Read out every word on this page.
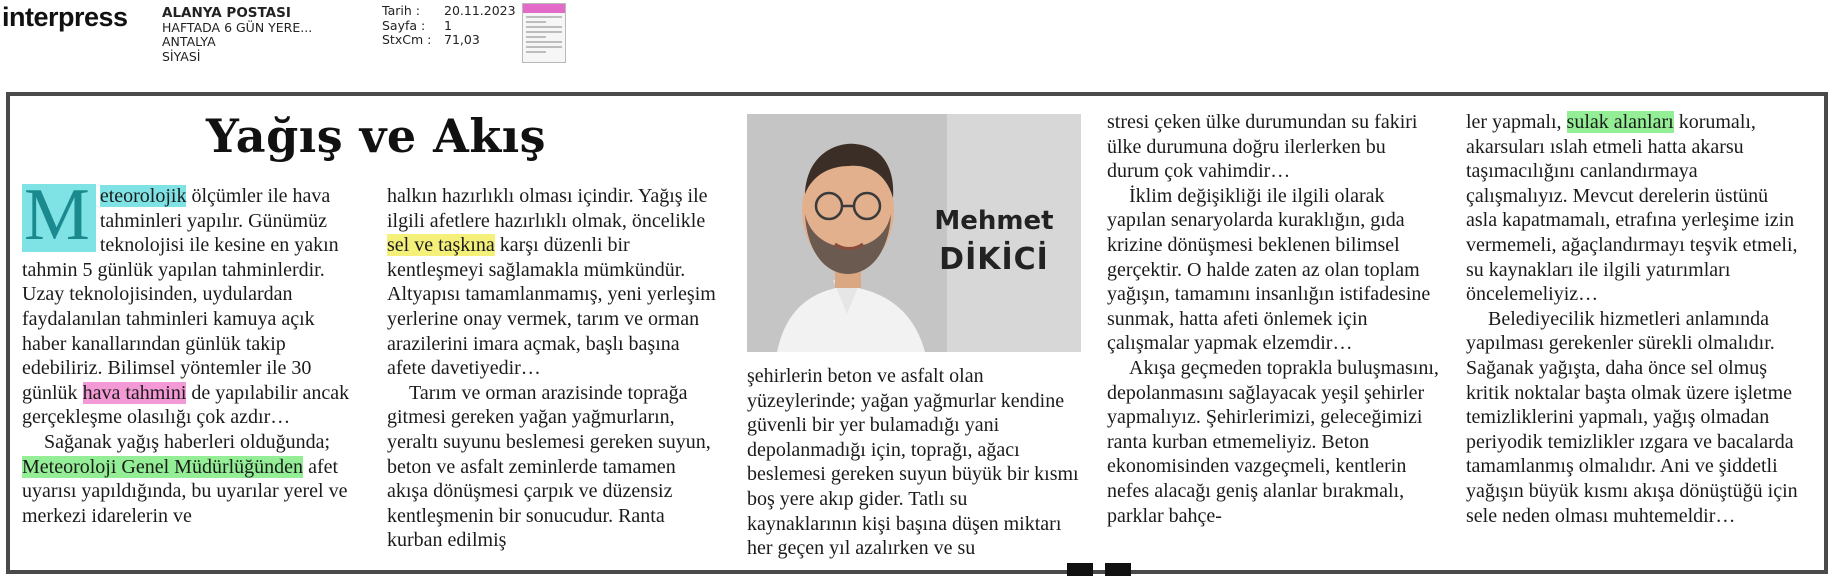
interpress	ALANYA POSTASI
HAFTADA 6 GÜN YERE...
ANTALYA
SİYASİ
Tarih :	20.11.2023
Sayfa :	1
StxCm :	71,03
Yağış ve Akış

M eteorolojik ölçümler ile hava tahminleri yapılır. Günümüz teknolojisi ile kesine en yakın tahmin 5 günlük yapılan tahminlerdir. Uzay teknolojisinden, uydulardan faydalanılan tahminleri kamuya açık haber kanallarından günlük takip edebiliriz. Bilimsel yöntemler ile 30 günlük hava tahmini de yapılabilir ancak gerçekleşme olasılığı çok azdır…

Sağanak yağış haberleri olduğunda; Meteoroloji Genel Müdürlüğünden afet uyarısı yapıldığında, bu uyarılar yerel ve merkezi idarelerin ve

halkın hazırlıklı olması içindir. Yağış ile ilgili afetlere hazırlıklı olmak, öncelikle sel ve taşkına karşı düzenli bir kentleşmeyi sağlamakla mümkündür. Altyapısı tamamlanmamış, yeni yerleşim yerlerine onay vermek, tarım ve orman arazilerini imara açmak, başlı başına afete davetiyedir…

Tarım ve orman arazisinde toprağa gitmesi gereken yağan yağmurların, yeraltı suyunu beslemesi gereken suyun, beton ve asfalt zeminlerde tamamen akışa dönüşmesi çarpık ve düzensiz kentleşmenin bir sonucudur. Ranta kurban edilmiş

Mehmet
DİKİCİ

şehirlerin beton ve asfalt olan yüzeylerinde; yağan yağmurlar kendine güvenli bir yer bulamadığı yani depolanmadığı için, toprağı, ağacı beslemesi gereken suyun büyük bir kısmı boş yere akıp gider. Tatlı su kaynaklarının kişi başına düşen miktarı her geçen yıl azalırken ve su

stresi çeken ülke durumundan su fakiri ülke durumuna doğru ilerlerken bu durum çok vahimdir…

İklim değişikliği ile ilgili olarak yapılan senaryolarda kuraklığın, gıda krizine dönüşmesi beklenen bilimsel gerçektir. O halde zaten az olan toplam yağışın, tamamını insanlığın istifadesine sunmak, hatta afeti önlemek için çalışmalar yapmak elzemdir…

Akışa geçmeden toprakla buluşmasını, depolanmasını sağlayacak yeşil şehirler yapmalıyız. Şehirlerimizi, geleceğimizi ranta kurban etmemeliyiz. Beton ekonomisinden vazgeçmeli, kentlerin nefes alacağı geniş alanlar bırakmalı, parklar bahçe-

ler yapmalı, sulak alanları korumalı, akarsuları ıslah etmeli hatta akarsu taşımacılığını canlandırmaya çalışmalıyız. Mevcut derelerin üstünü asla kapatmamalı, etrafına yerleşime izin vermemeli, ağaçlandırmayı teşvik etmeli, su kaynakları ile ilgili yatırımları öncelemeliyiz…

Belediyecilik hizmetleri anlamında yapılması gerekenler sürekli olmalıdır. Sağanak yağışta, daha önce sel olmuş kritik noktalar başta olmak üzere işletme temizliklerini yapmalı, yağış olmadan periyodik temizlikler ızgara ve bacalarda tamamlanmış olmalıdır. Ani ve şiddetli yağışın büyük kısmı akışa dönüştüğü için sele neden olması muhtemeldir…
